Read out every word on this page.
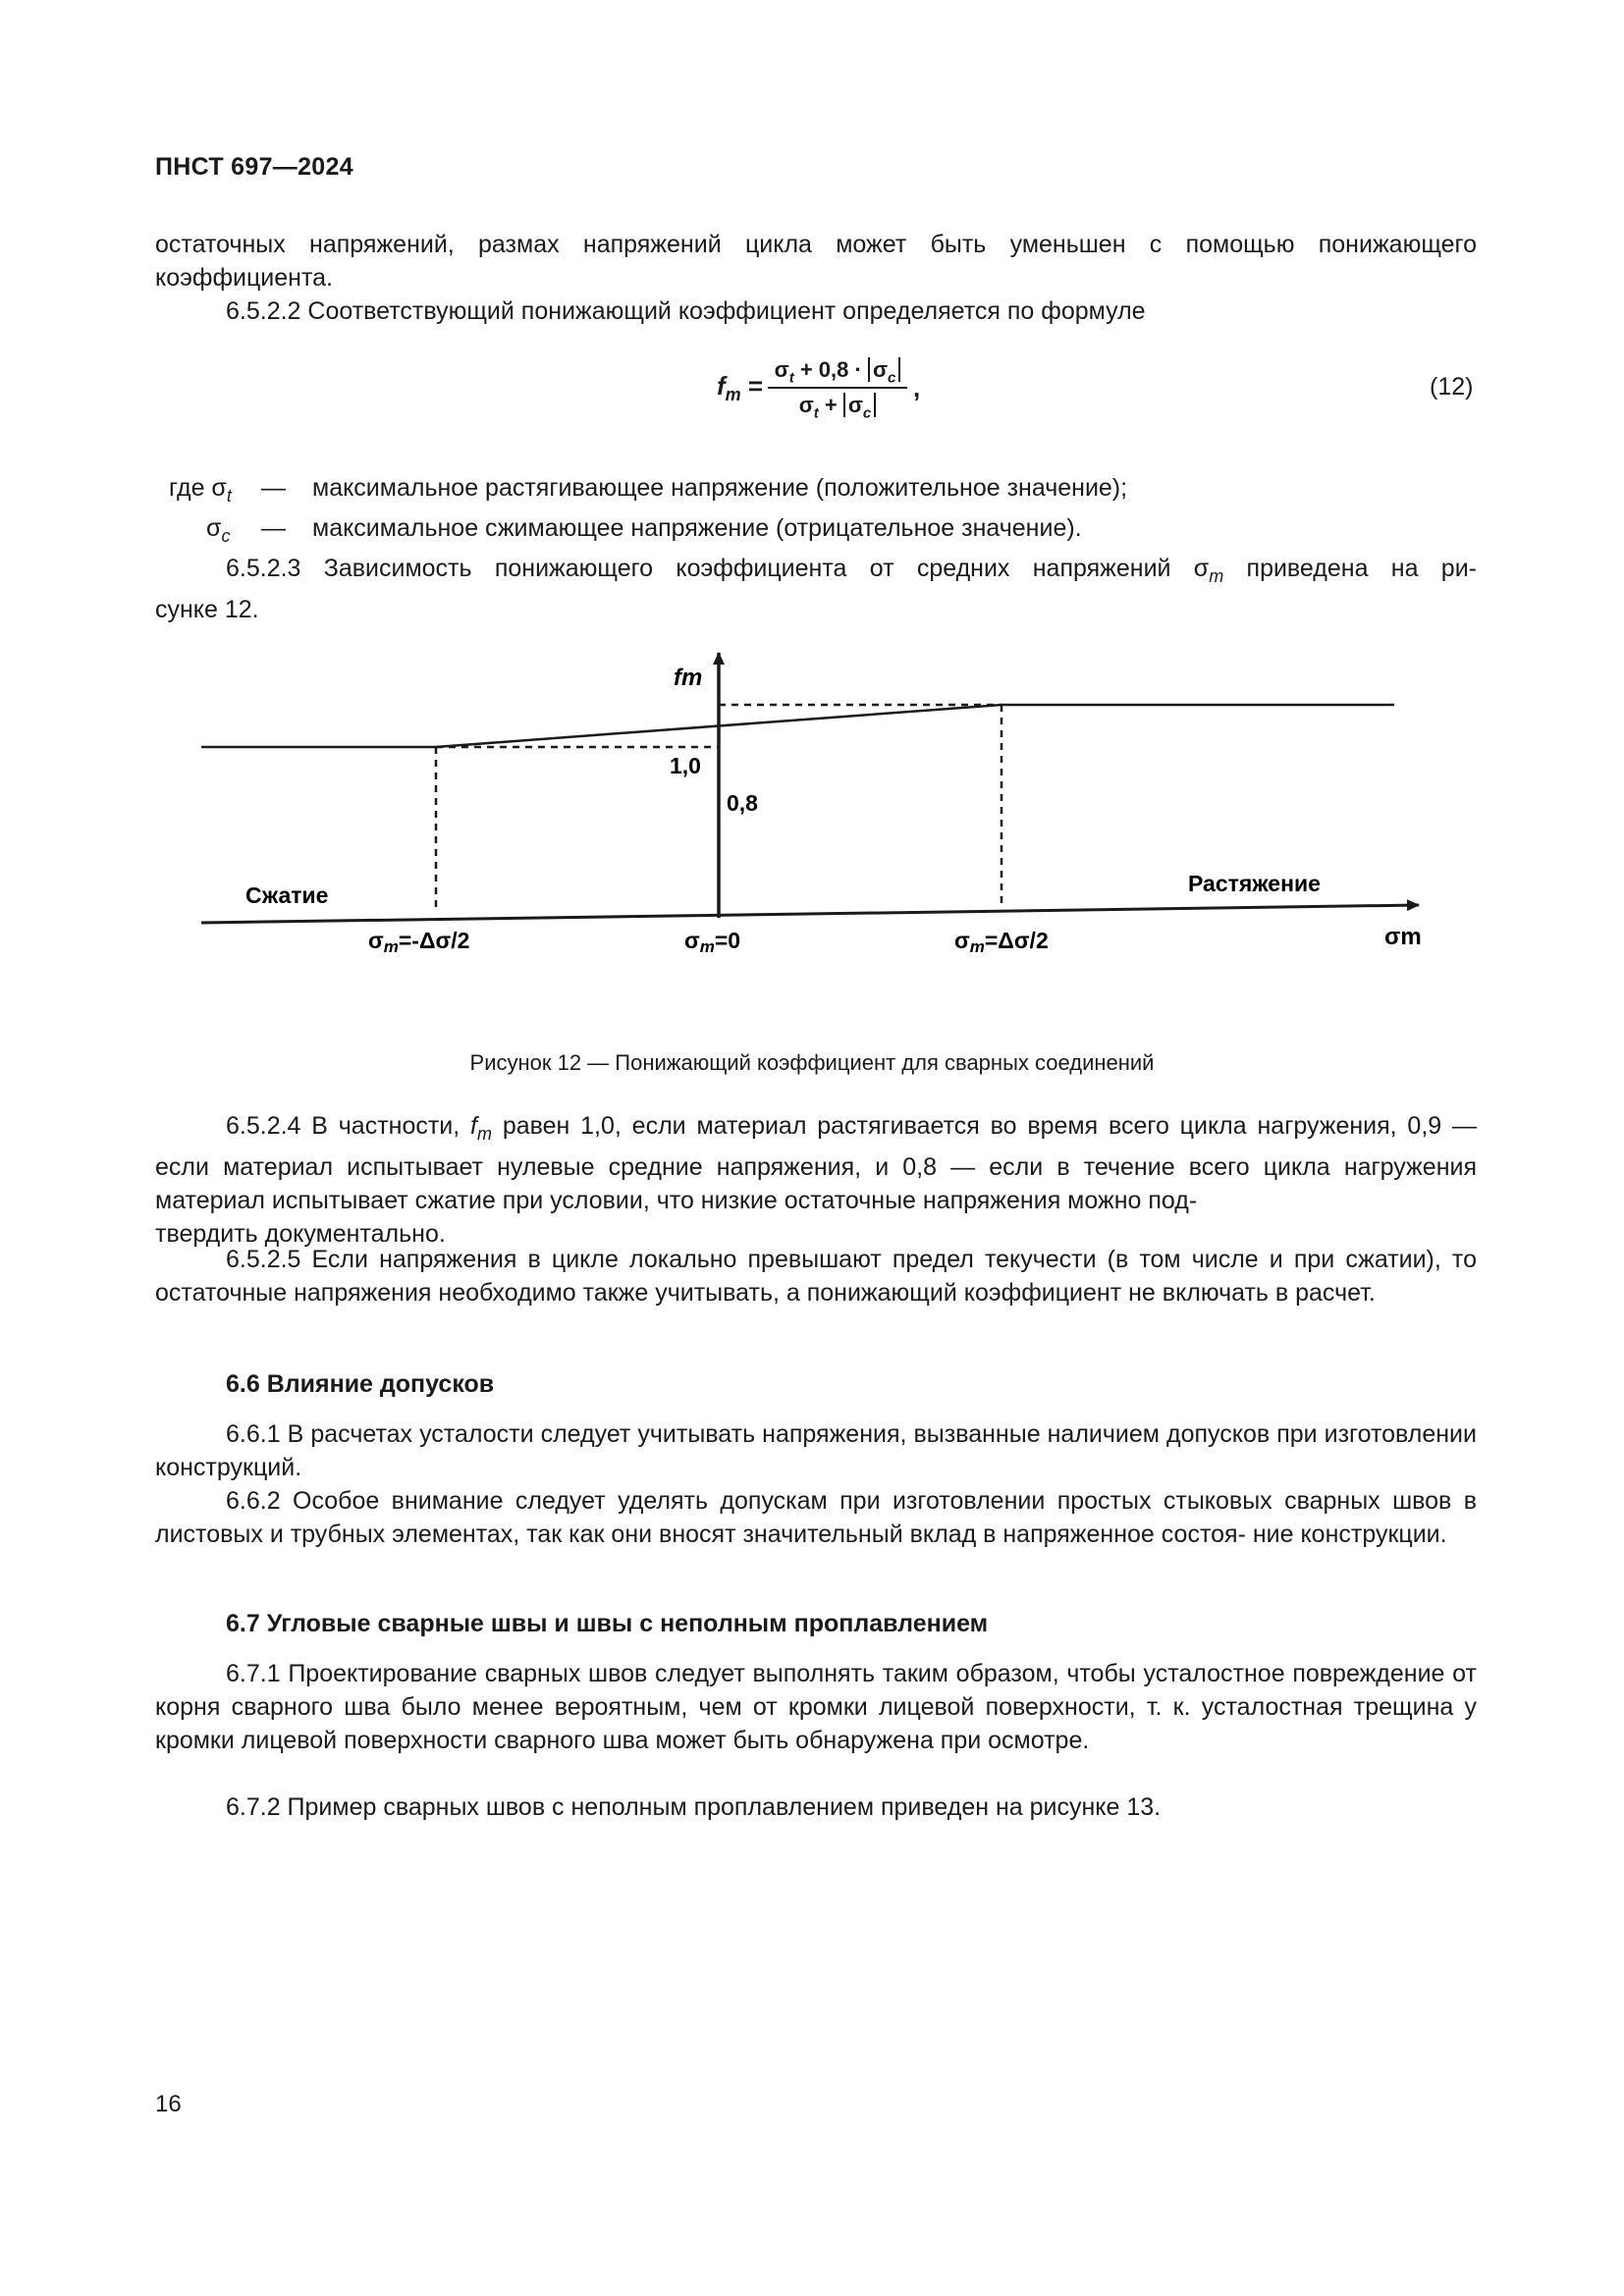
ПНСТ 697—2024

остаточных напряжений, размах напряжений цикла может быть уменьшен с помощью понижающего коэффициента.

6.5.2.2 Соответствующий понижающий коэффициент определяется по формуле

$f_m$ =
$\sigma_t + 0,8 \cdot \sigma_c$
$\sigma_t + \sigma_c$
,	(12)
где $\sigma_t$ — максимальное растягивающее напряжение (положительное значение);
$\sigma_c$ — максимальное сжимающее напряжение (отрицательное значение).

6.5.2.3 Зависимость понижающего коэффициента от средних напряжений $\sigma_m$ приведена на ри-

сунке 12.

fm
1,0
0,8
Сжатие	Растяжение
σm=-Δσ/2	σm=0	σm=Δσ/2	σm
Рисунок 12 — Понижающий коэффициент для сварных соединений

6.5.2.4 В частности, $f_m$ равен 1,0, если материал растягивается во время всего цикла нагружения, 0,9 — если материал испытывает нулевые средние напряжения, и 0,8 — если в течение всего цикла нагружения материал испытывает сжатие при условии, что низкие остаточные напряжения можно под-

твердить документально.

6.5.2.5 Если напряжения в цикле локально превышают предел текучести (в том числе и при сжатии), то остаточные напряжения необходимо также учитывать, а понижающий коэффициент не включать в расчет.

6.6 Влияние допусков

6.6.1 В расчетах усталости следует учитывать напряжения, вызванные наличием допусков при изготовлении конструкций.

6.6.2 Особое внимание следует уделять допускам при изготовлении простых стыковых сварных швов в листовых и трубных элементах, так как они вносят значительный вклад в напряженное состоя- ние конструкции.

6.7 Угловые сварные швы и швы с неполным проплавлением

6.7.1 Проектирование сварных швов следует выполнять таким образом, чтобы усталостное повреждение от корня сварного шва было менее вероятным, чем от кромки лицевой поверхности, т. к. усталостная трещина у кромки лицевой поверхности сварного шва может быть обнаружена при осмотре.

6.7.2 Пример сварных швов с неполным проплавлением приведен на рисунке 13.

16
